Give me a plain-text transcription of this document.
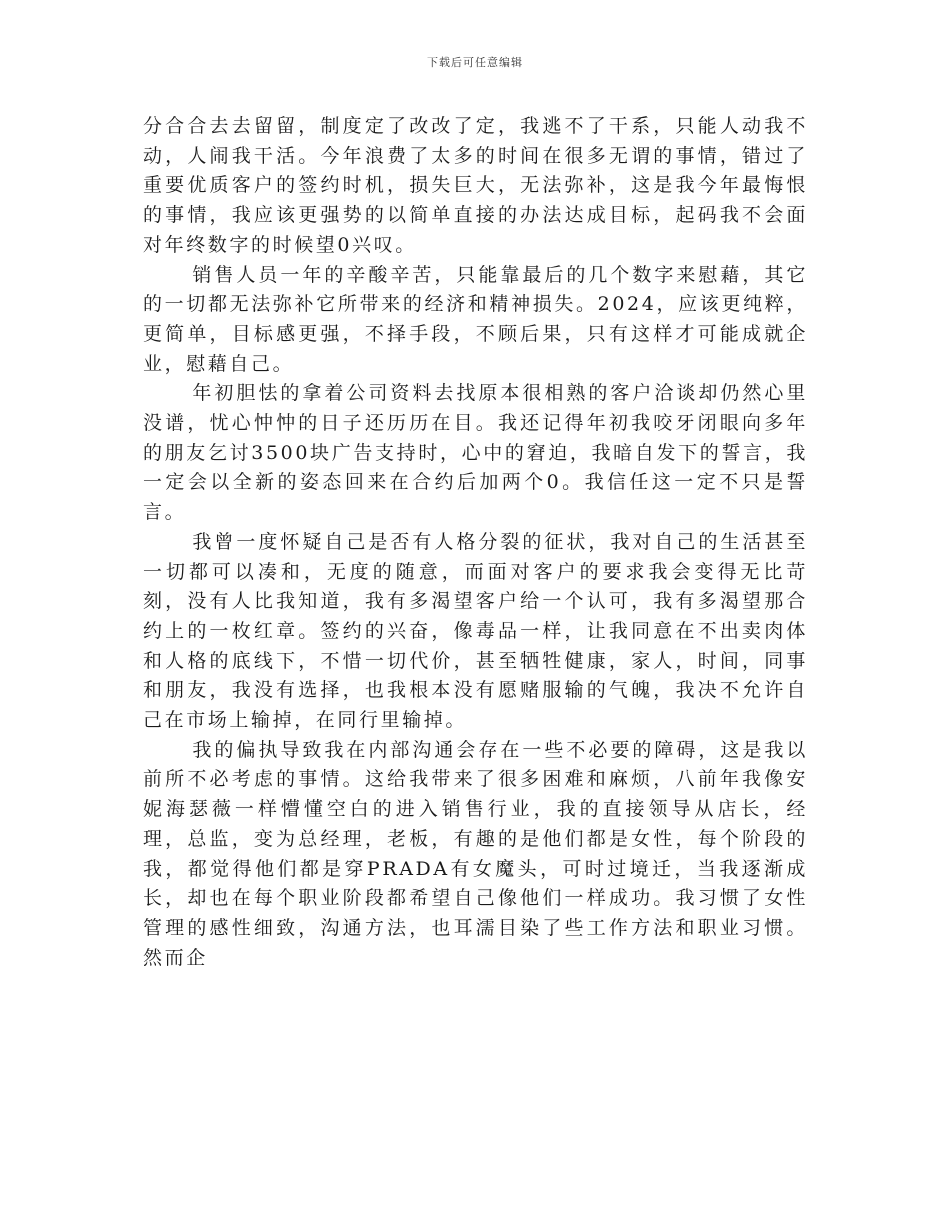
下载后可任意编辑

分合合去去留留，制度定了改改了定，我逃不了干系，只能人动我不动，人闹我干活。今年浪费了太多的时间在很多无谓的事情，错过了重要优质客户的签约时机，损失巨大，无法弥补，这是我今年最悔恨的事情，我应该更强势的以简单直接的办法达成目标，起码我不会面对年终数字的时候望0兴叹。

销售人员一年的辛酸辛苦，只能靠最后的几个数字来慰藉，其它的一切都无法弥补它所带来的经济和精神损失。2024，应该更纯粹，更简单，目标感更强，不择手段，不顾后果，只有这样才可能成就企业，慰藉自己。

年初胆怯的拿着公司资料去找原本很相熟的客户洽谈却仍然心里没谱，忧心忡忡的日子还历历在目。我还记得年初我咬牙闭眼向多年的朋友乞讨3500块广告支持时，心中的窘迫，我暗自发下的誓言，我一定会以全新的姿态回来在合约后加两个0。我信任这一定不只是誓言。

我曾一度怀疑自己是否有人格分裂的征状，我对自己的生活甚至一切都可以凑和，无度的随意，而面对客户的要求我会变得无比苛刻，没有人比我知道，我有多渴望客户给一个认可，我有多渴望那合约上的一枚红章。签约的兴奋，像毒品一样，让我同意在不出卖肉体和人格的底线下，不惜一切代价，甚至牺牲健康，家人，时间，同事和朋友，我没有选择，也我根本没有愿赌服输的气魄，我决不允许自己在市场上输掉，在同行里输掉。

我的偏执导致我在内部沟通会存在一些不必要的障碍，这是我以前所不必考虑的事情。这给我带来了很多困难和麻烦，八前年我像安妮海瑟薇一样懵懂空白的进入销售行业，我的直接领导从店长，经理，总监，变为总经理，老板，有趣的是他们都是女性，每个阶段的我，都觉得他们都是穿PRADA有女魔头，可时过境迁，当我逐渐成长，却也在每个职业阶段都希望自己像他们一样成功。我习惯了女性管理的感性细致，沟通方法，也耳濡目染了些工作方法和职业习惯。然而企
